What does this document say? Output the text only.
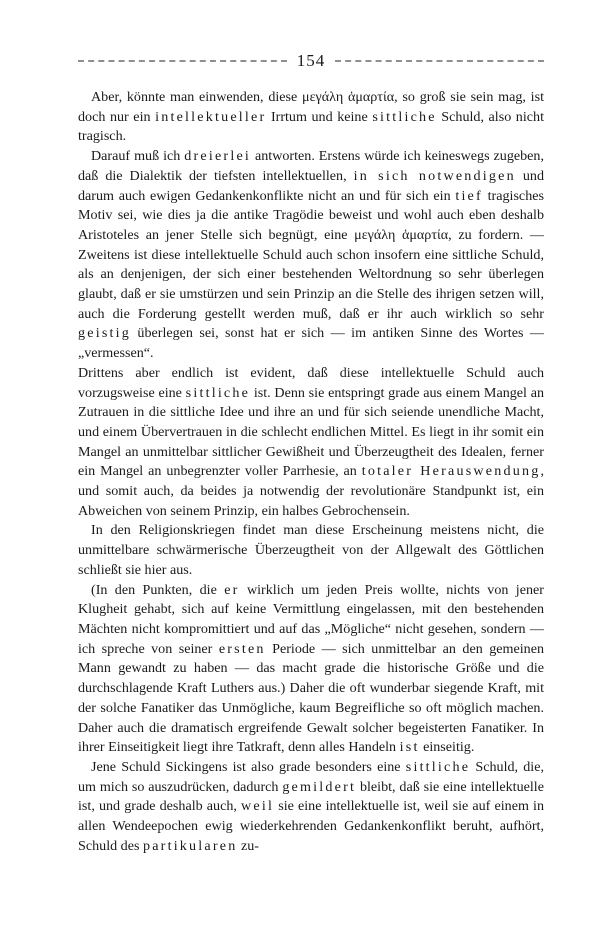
154

Aber, könnte man einwenden, diese μεγάλη ἁμαρτία, so groß sie sein mag, ist doch nur ein intellektueller Irrtum und keine sittliche Schuld, also nicht tragisch.

Darauf muß ich dreierlei antworten. Erstens würde ich keineswegs zugeben, daß die Dialektik der tiefsten intellektuellen, in sich notwendigen und darum auch ewigen Gedankenkonflikte nicht an und für sich ein tief tragisches Motiv sei, wie dies ja die antike Tragödie beweist und wohl auch eben deshalb Aristoteles an jener Stelle sich begnügt, eine μεγάλη ἁμαρτία, zu fordern. — Zweitens ist diese intellektuelle Schuld auch schon insofern eine sittliche Schuld, als an denjenigen, der sich einer bestehenden Weltordnung so sehr überlegen glaubt, daß er sie umstürzen und sein Prinzip an die Stelle des ihrigen setzen will, auch die Forderung gestellt werden muß, daß er ihr auch wirklich so sehr geistig überlegen sei, sonst hat er sich — im antiken Sinne des Wortes — „vermessen“.

Drittens aber endlich ist evident, daß diese intellektuelle Schuld auch vorzugsweise eine sittliche ist. Denn sie entspringt grade aus einem Mangel an Zutrauen in die sittliche Idee und ihre an und für sich seiende unendliche Macht, und einem Übervertrauen in die schlecht endlichen Mittel. Es liegt in ihr somit ein Mangel an unmittelbar sittlicher Gewißheit und Überzeugtheit des Idealen, ferner ein Mangel an unbegrenzter voller Parrhesie, an totaler Herauswendung, und somit auch, da beides ja notwendig der revolutionäre Standpunkt ist, ein Abweichen von seinem Prinzip, ein halbes Gebrochensein.

In den Religionskriegen findet man diese Erscheinung meistens nicht, die unmittelbare schwärmerische Überzeugtheit von der Allgewalt des Göttlichen schließt sie hier aus.

(In den Punkten, die er wirklich um jeden Preis wollte, nichts von jener Klugheit gehabt, sich auf keine Vermittlung eingelassen, mit den bestehenden Mächten nicht kompromittiert und auf das „Mögliche“ nicht gesehen, sondern — ich spreche von seiner ersten Periode — sich unmittelbar an den gemeinen Mann gewandt zu haben — das macht grade die historische Größe und die durchschlagende Kraft Luthers aus.) Daher die oft wunderbar siegende Kraft, mit der solche Fanatiker das Unmögliche, kaum Begreifliche so oft möglich machen. Daher auch die dramatisch ergreifende Gewalt solcher begeisterten Fanatiker. In ihrer Einseitigkeit liegt ihre Tatkraft, denn alles Handeln ist einseitig.

Jene Schuld Sickingens ist also grade besonders eine sittliche Schuld, die, um mich so auszudrücken, dadurch gemildert bleibt, daß sie eine intellektuelle ist, und grade deshalb auch, weil sie eine intellektuelle ist, weil sie auf einem in allen Wendeepochen ewig wiederkehrenden Gedankenkonflikt beruht, aufhört, Schuld des partikularen zu-
